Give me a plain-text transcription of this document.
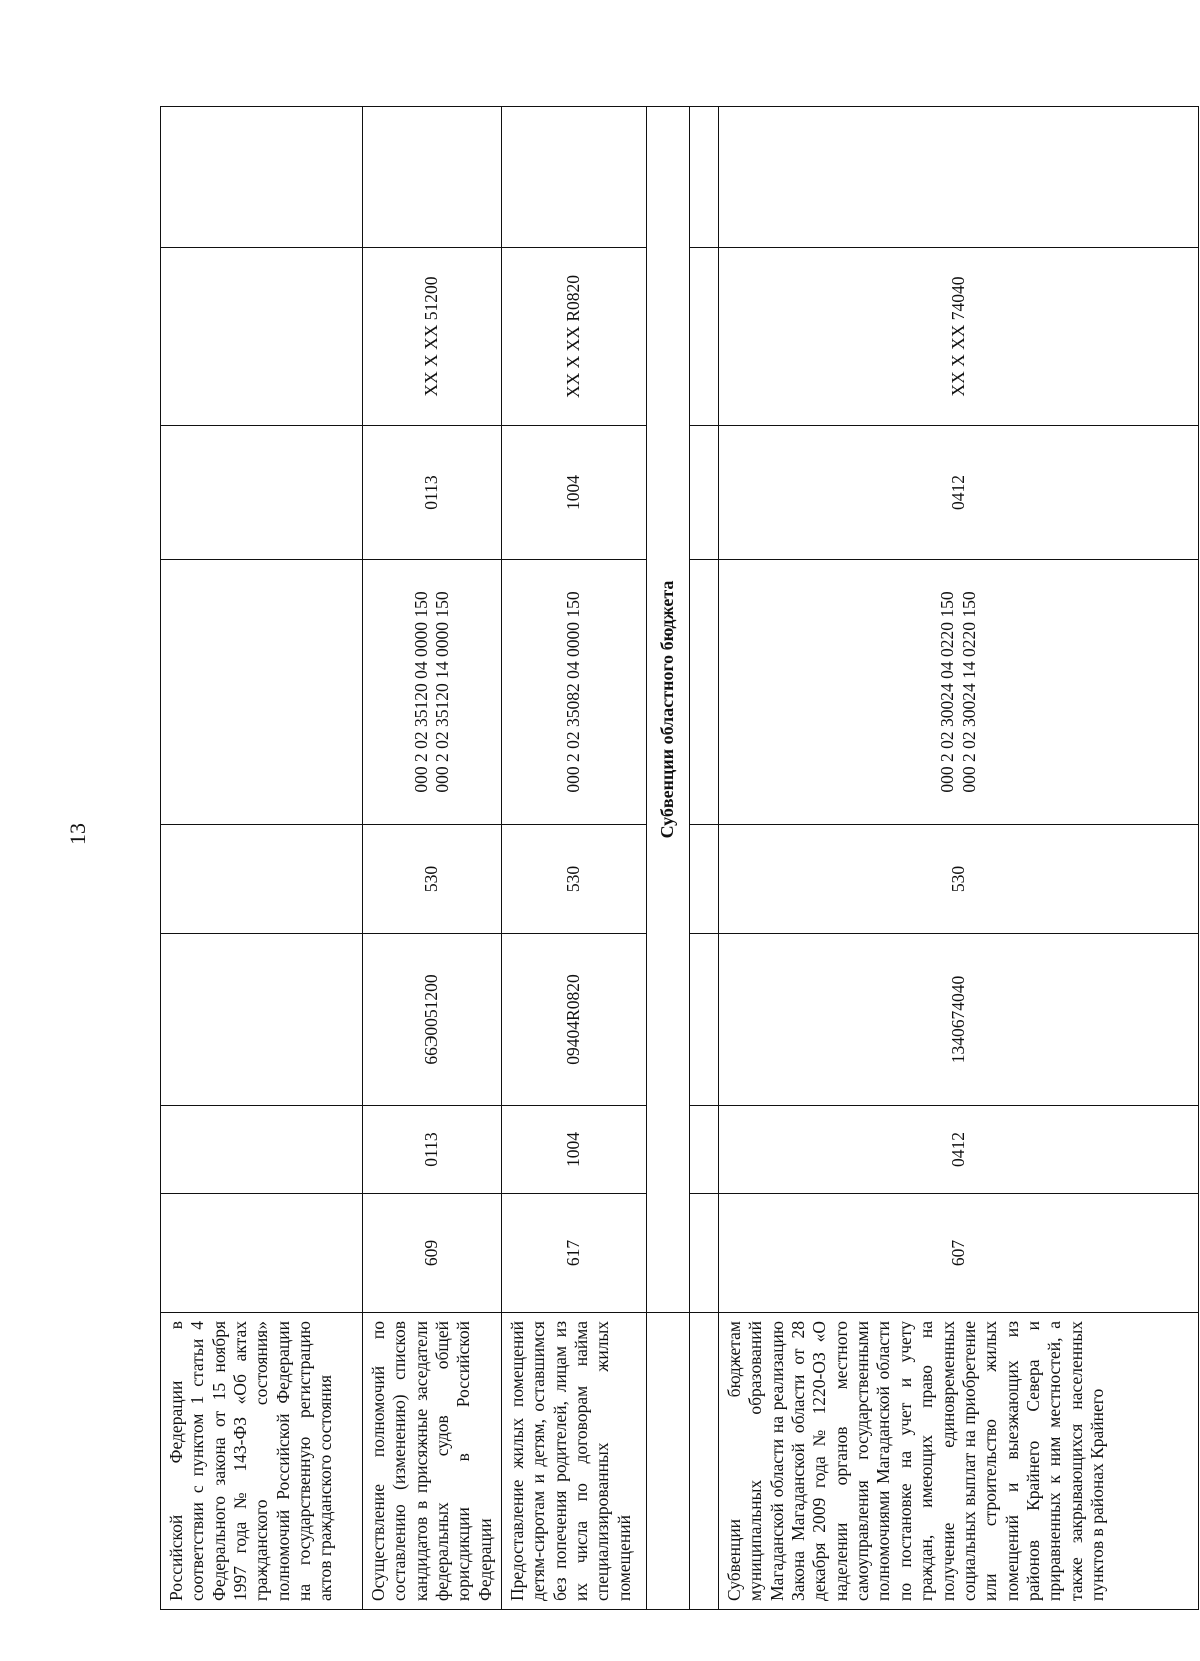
13
Российской Федерации в соответствии с пунктом 1 статьи 4 Федерального закона от 15 ноября 1997 года № 143-ФЗ «Об актах гражданского состояния» полномочий Российской Федерации на государственную регистрацию актов гражданского состояния								
Осуществление полномочий по составлению (изменению) списков кандидатов в присяжные заседатели федеральных судов общей юрисдикции в Российской Федерации	609	0113	66Э0051200	530	000 2 02 35120 04 0000 150 000 2 02 35120 14 0000 150	0113	XX X XX 51200	
Предоставление жилых помещений детям-сиротам и детям, оставшимся без попечения родителей, лицам из их числа по договорам найма специализированных жилых помещений	617	1004	09404R0820	530	000 2 02 35082 04 0000 150	1004	XX X XX R0820	
	Субвенции областного бюджета							

Субвенции бюджетам муниципальных образований Магаданской области на реализацию Закона Магаданской области от 28 декабря 2009 года № 1220-ОЗ «О наделении органов местного самоуправления государственными полномочиями Магаданской области по постановке на учет и учету граждан, имеющих право на получение единовременных социальных выплат на приобретение или строительство жилых помещений и выезжающих из районов Крайнего Севера и приравненных к ним местностей, а также закрывающихся населенных пунктов в районах Крайнего	607	0412	1340674040	530	000 2 02 30024 04 0220 150 000 2 02 30024 14 0220 150	0412	XX X XX 74040	
